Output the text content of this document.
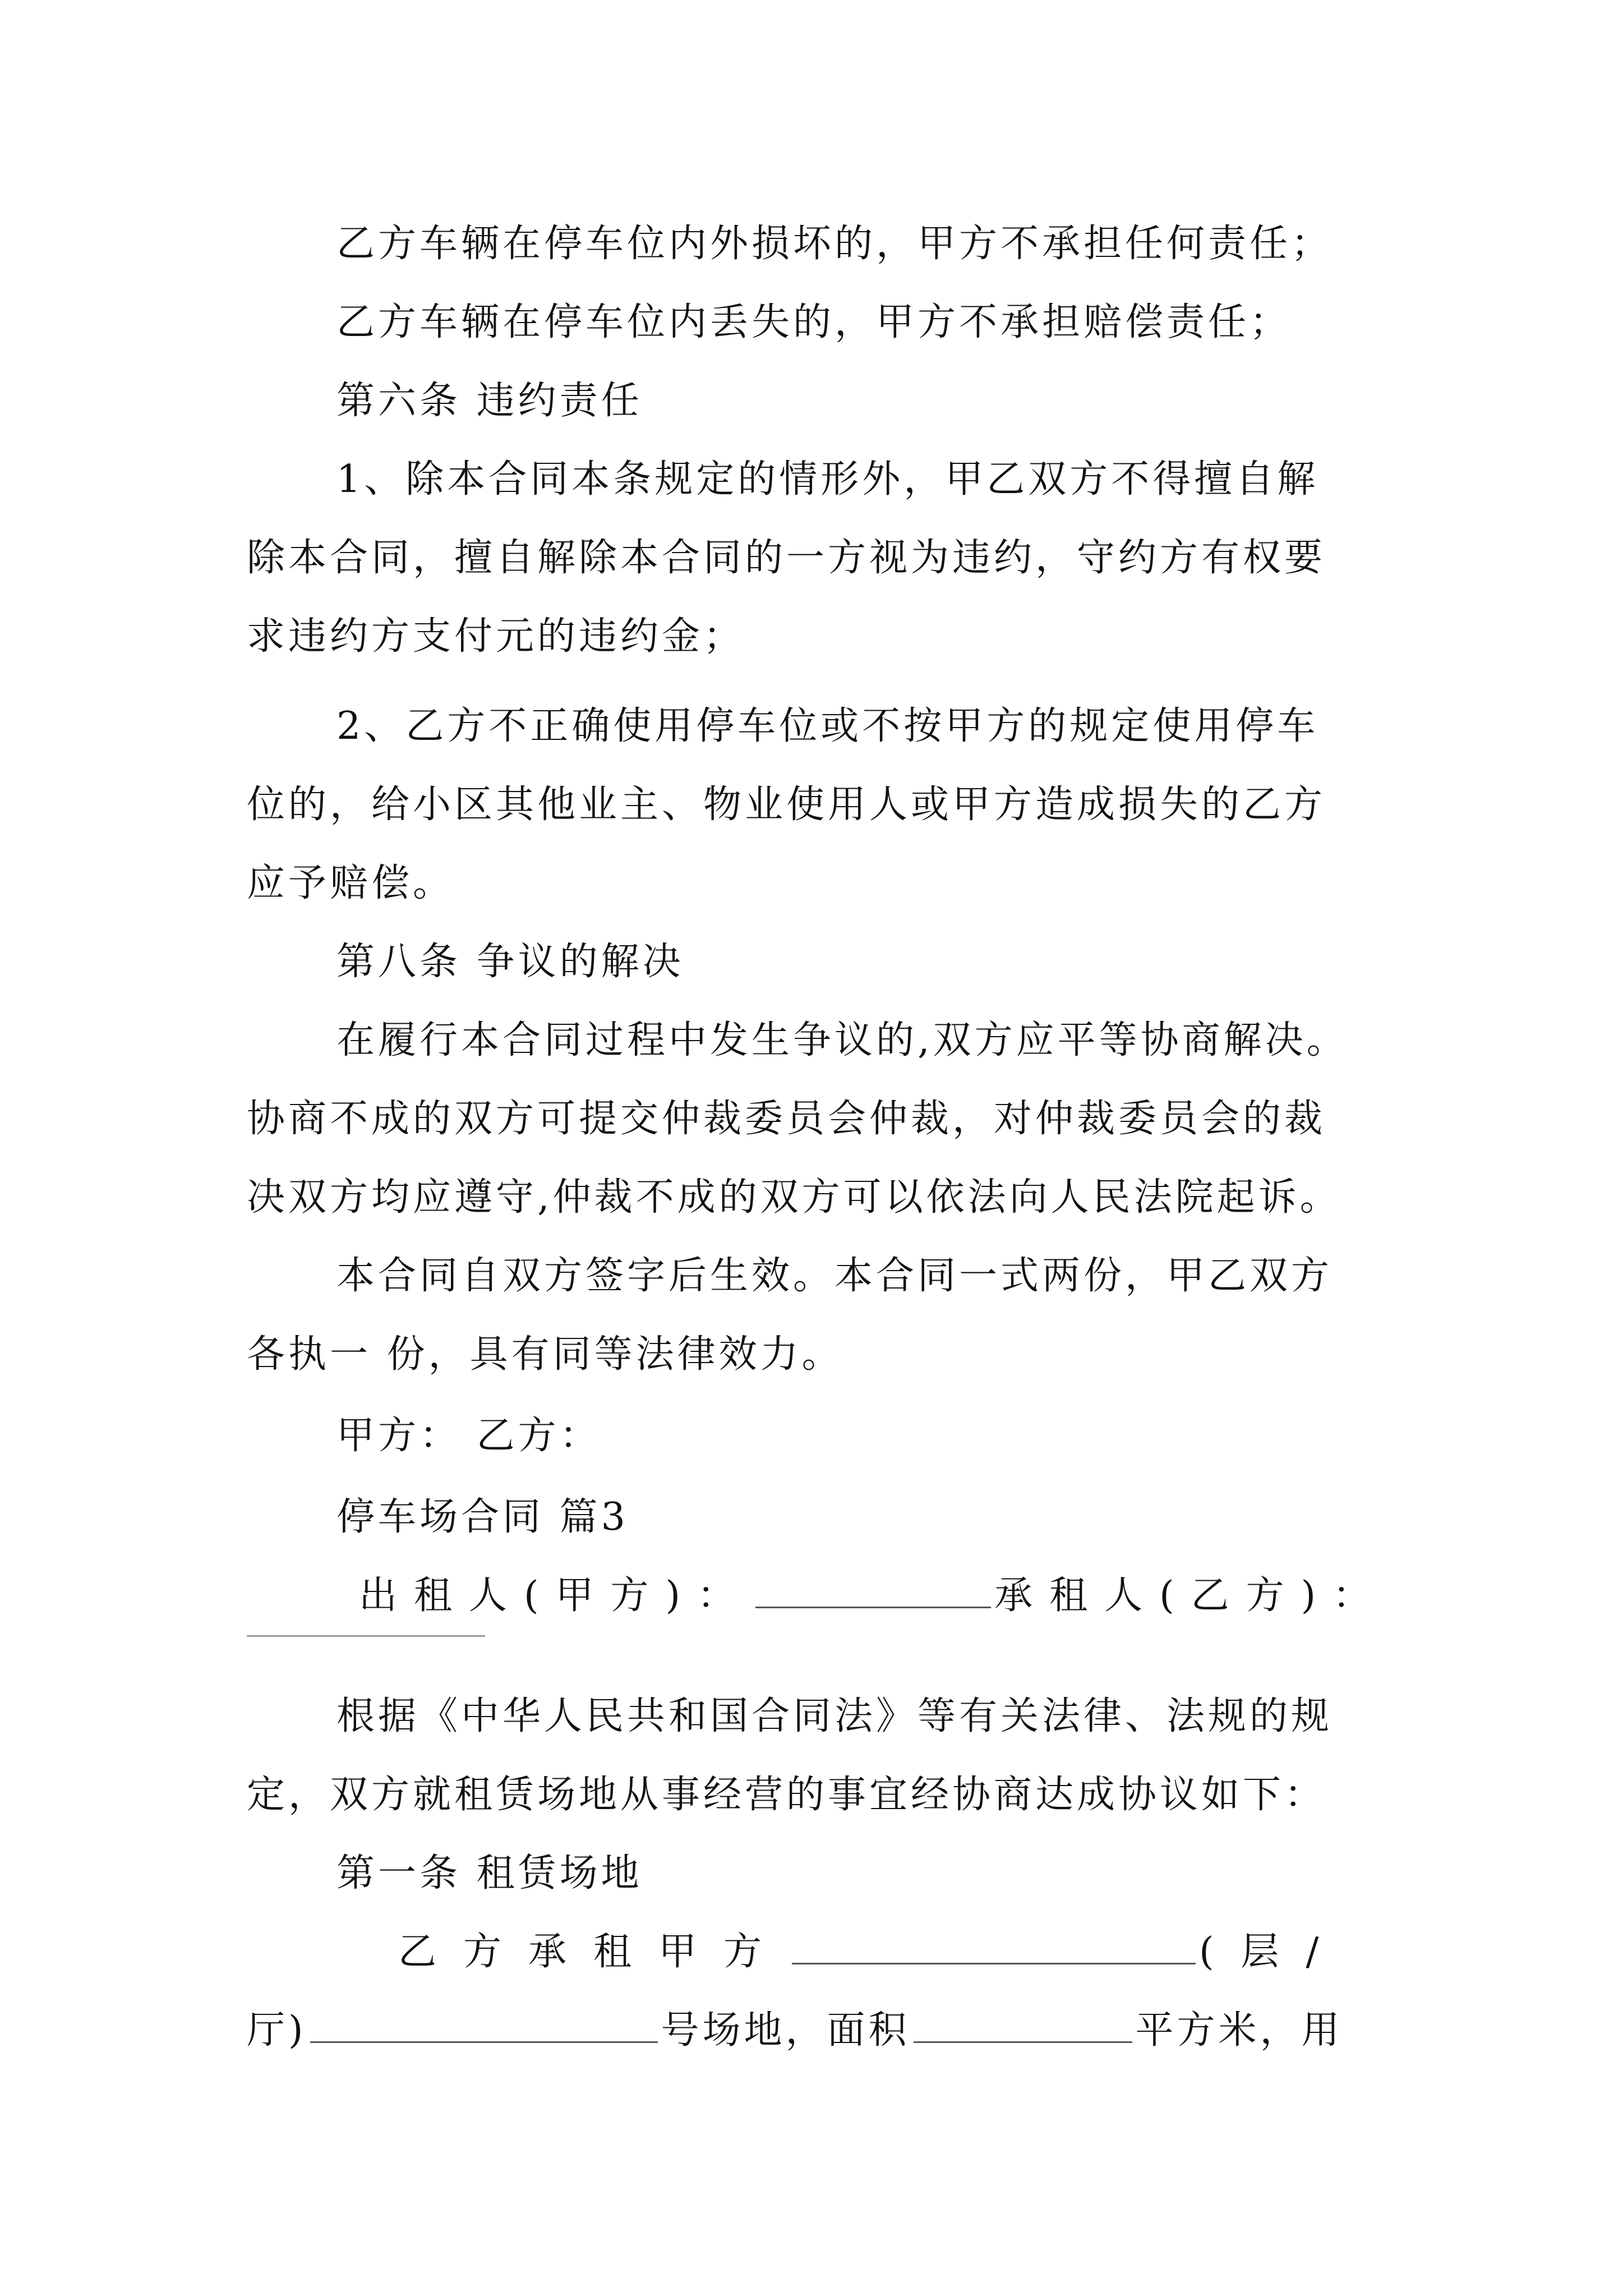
乙方车辆在停车位内外损坏的，甲方不承担任何责任；
乙方车辆在停车位内丢失的，甲方不承担赔偿责任；
第六条 违约责任
1、除本合同本条规定的情形外，甲乙双方不得擅自解
除本合同，擅自解除本合同的一方视为违约，守约方有权要
求违约方支付元的违约金；
2、乙方不正确使用停车位或不按甲方的规定使用停车
位的，给小区其他业主、物业使用人或甲方造成损失的乙方
应予赔偿。
第八条 争议的解决
在履行本合同过程中发生争议的,双方应平等协商解决。
协商不成的双方可提交仲裁委员会仲裁，对仲裁委员会的裁
决双方均应遵守,仲裁不成的双方可以依法向人民法院起诉。
本合同自双方签字后生效。本合同一式两份，甲乙双方
各执一 份，具有同等法律效力。
甲方： 乙方：
停车场合同 篇3
出租人(甲方)：	承租人(乙方)：
根据《中华人民共和国合同法》等有关法律、法规的规
定，双方就租赁场地从事经营的事宜经协商达成协议如下：
第一条 租赁场地
乙方承租甲方	(层/
厅)	号场地，面积	平方米，用
